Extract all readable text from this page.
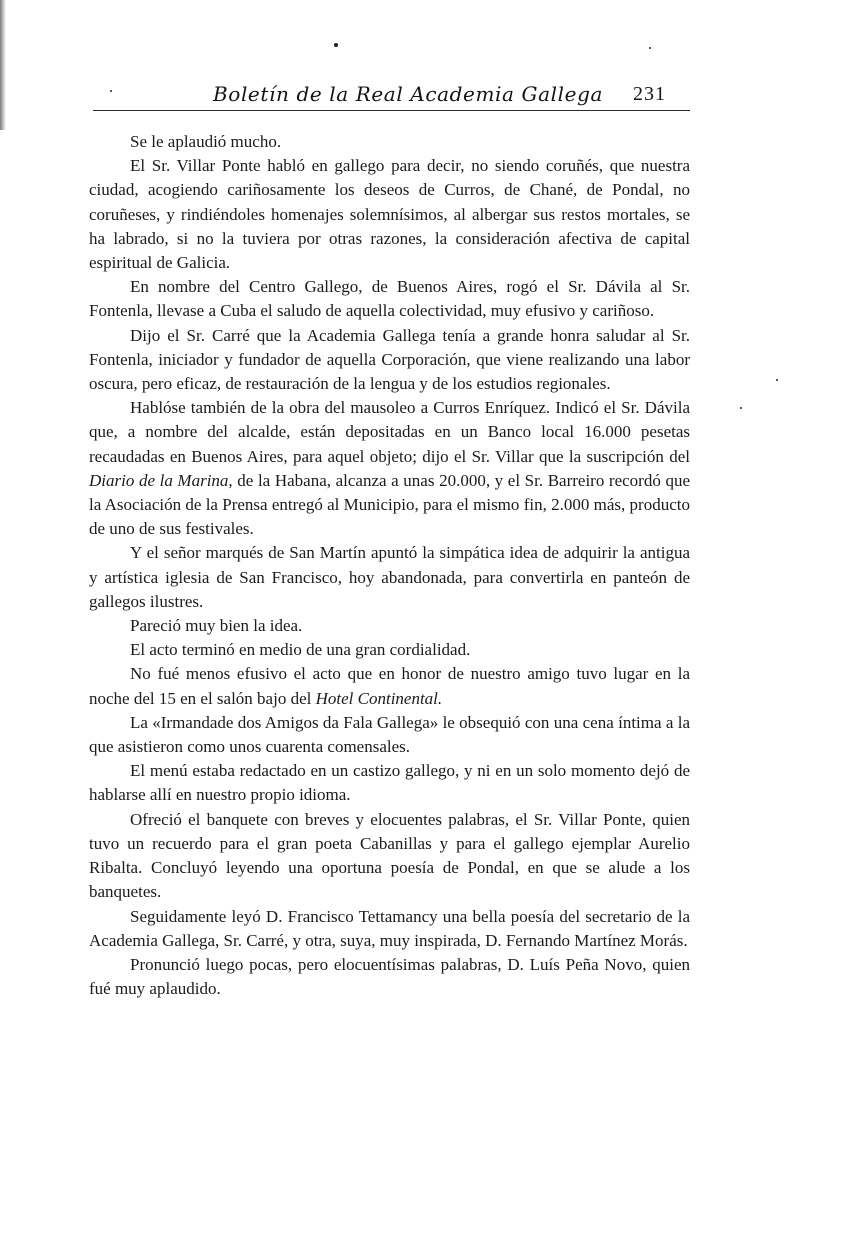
Boletín de la Real Academia Gallega 231

Se le aplaudió mucho.

El Sr. Villar Ponte habló en gallego para decir, no siendo coruñés, que nuestra ciudad, acogiendo cariñosamente los deseos de Curros, de Chané, de Pondal, no coruñeses, y rindiéndoles homenajes solemnísimos, al albergar sus restos mortales, se ha labrado, si no la tuviera por otras razones, la consideración afectiva de capital espiritual de Galicia.

En nombre del Centro Gallego, de Buenos Aires, rogó el Sr. Dávila al Sr. Fontenla, llevase a Cuba el saludo de aquella colectividad, muy efusivo y cariñoso.

Dijo el Sr. Carré que la Academia Gallega tenía a grande honra saludar al Sr. Fontenla, iniciador y fundador de aquella Corporación, que viene realizando una labor oscura, pero eficaz, de restauración de la lengua y de los estudios regionales.

Hablóse también de la obra del mausoleo a Curros Enríquez. Indicó el Sr. Dávila que, a nombre del alcalde, están depositadas en un Banco local 16.000 pesetas recaudadas en Buenos Aires, para aquel objeto; dijo el Sr. Villar que la suscripción del Diario de la Marina, de la Habana, alcanza a unas 20.000, y el Sr. Barreiro recordó que la Asociación de la Prensa entregó al Municipio, para el mismo fin, 2.000 más, producto de uno de sus festivales.

Y el señor marqués de San Martín apuntó la simpática idea de adquirir la antigua y artística iglesia de San Francisco, hoy abandonada, para convertirla en panteón de gallegos ilustres.

Pareció muy bien la idea.

El acto terminó en medio de una gran cordialidad.

No fué menos efusivo el acto que en honor de nuestro amigo tuvo lugar en la noche del 15 en el salón bajo del Hotel Continental.

La «Irmandade dos Amigos da Fala Gallega» le obsequió con una cena íntima a la que asistieron como unos cuarenta comensales.

El menú estaba redactado en un castizo gallego, y ni en un solo momento dejó de hablarse allí en nuestro propio idioma.

Ofreció el banquete con breves y elocuentes palabras, el Sr. Villar Ponte, quien tuvo un recuerdo para el gran poeta Cabanillas y para el gallego ejemplar Aurelio Ribalta. Concluyó leyendo una oportuna poesía de Pondal, en que se alude a los banquetes.

Seguidamente leyó D. Francisco Tettamancy una bella poesía del secretario de la Academia Gallega, Sr. Carré, y otra, suya, muy inspirada, D. Fernando Martínez Morás.

Pronunció luego pocas, pero elocuentísimas palabras, D. Luís Peña Novo, quien fué muy aplaudido.
